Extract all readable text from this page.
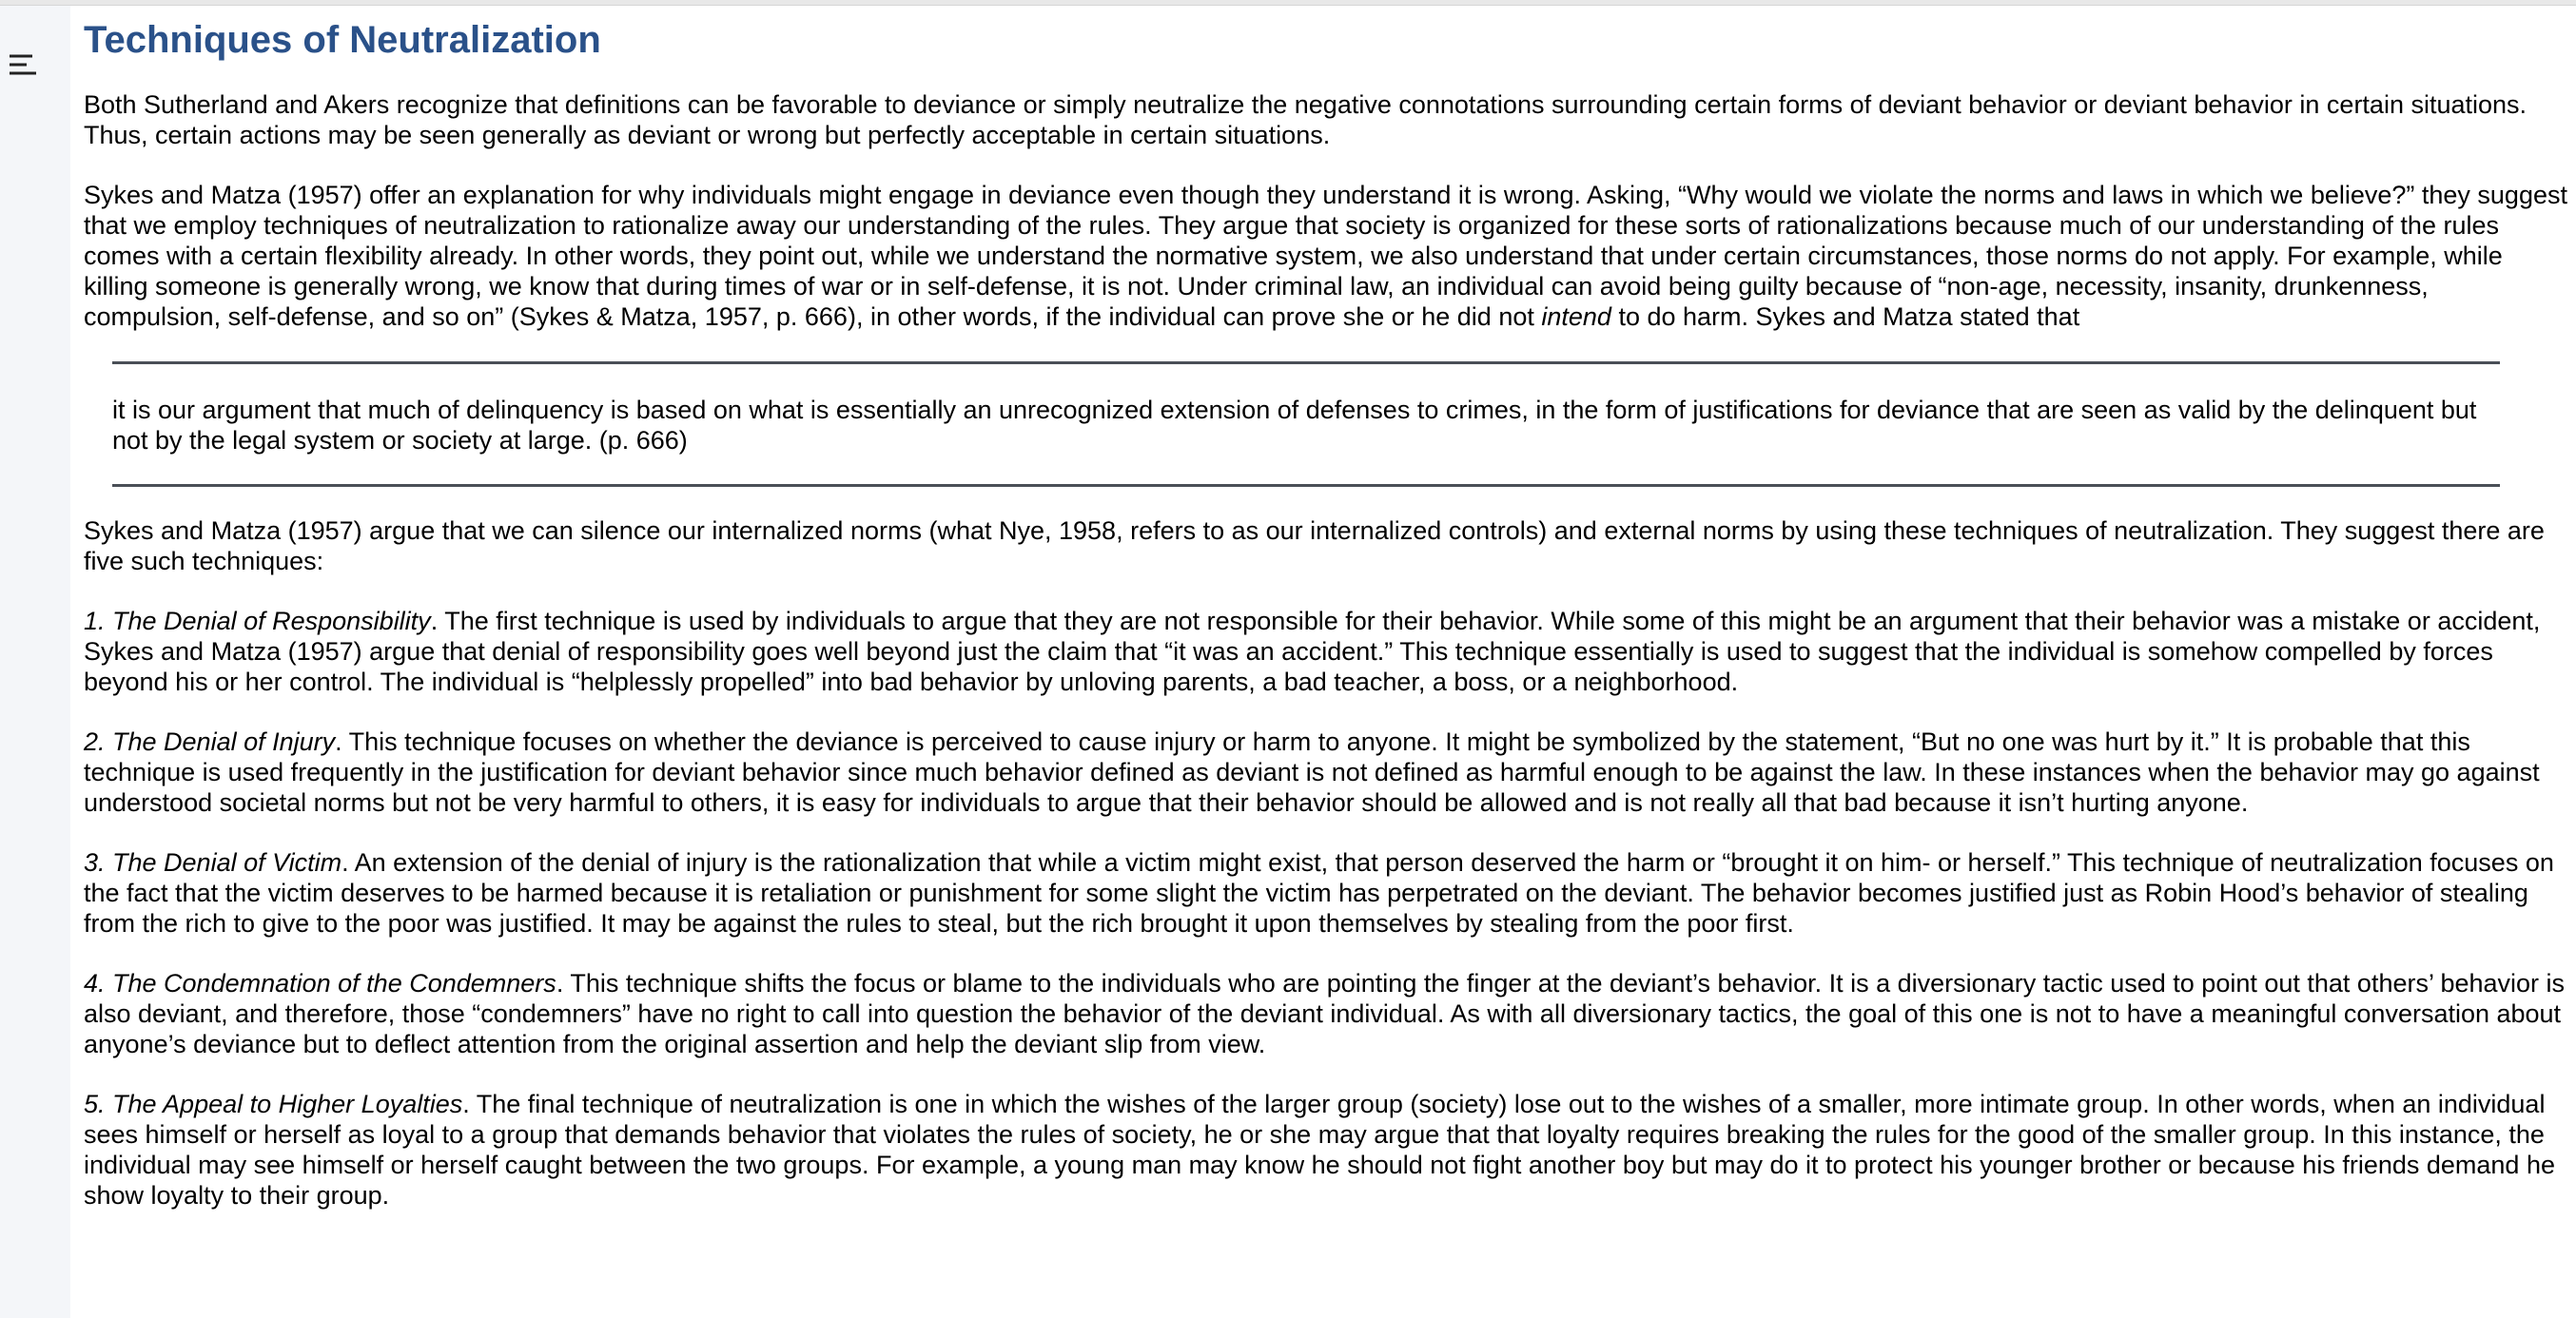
Techniques of Neutralization

Both Sutherland and Akers recognize that definitions can be favorable to deviance or simply neutralize the negative connotations surrounding certain forms of deviant behavior or deviant behavior in certain situations. Thus, certain actions may be seen generally as deviant or wrong but perfectly acceptable in certain situations.

Sykes and Matza (1957) offer an explanation for why individuals might engage in deviance even though they understand it is wrong. Asking, “Why would we violate the norms and laws in which we believe?” they suggest that we employ techniques of neutralization to rationalize away our understanding of the rules. They argue that society is organized for these sorts of rationalizations because much of our understanding of the rules comes with a certain flexibility already. In other words, they point out, while we understand the normative system, we also understand that under certain circumstances, those norms do not apply. For example, while killing someone is generally wrong, we know that during times of war or in self-defense, it is not. Under criminal law, an individual can avoid being guilty because of “non-age, necessity, insanity, drunkenness, compulsion, self-defense, and so on” (Sykes & Matza, 1957, p. 666), in other words, if the individual can prove she or he did not intend to do harm. Sykes and Matza stated that

it is our argument that much of delinquency is based on what is essentially an unrecognized extension of defenses to crimes, in the form of justifications for deviance that are seen as valid by the delinquent but not by the legal system or society at large. (p. 666)

Sykes and Matza (1957) argue that we can silence our internalized norms (what Nye, 1958, refers to as our internalized controls) and external norms by using these techniques of neutralization. They suggest there are five such techniques:

1. The Denial of Responsibility. The first technique is used by individuals to argue that they are not responsible for their behavior. While some of this might be an argument that their behavior was a mistake or accident, Sykes and Matza (1957) argue that denial of responsibility goes well beyond just the claim that “it was an accident.” This technique essentially is used to suggest that the individual is somehow compelled by forces beyond his or her control. The individual is “helplessly propelled” into bad behavior by unloving parents, a bad teacher, a boss, or a neighborhood.

2. The Denial of Injury. This technique focuses on whether the deviance is perceived to cause injury or harm to anyone. It might be symbolized by the statement, “But no one was hurt by it.” It is probable that this technique is used frequently in the justification for deviant behavior since much behavior defined as deviant is not defined as harmful enough to be against the law. In these instances when the behavior may go against understood societal norms but not be very harmful to others, it is easy for individuals to argue that their behavior should be allowed and is not really all that bad because it isn’t hurting anyone.

3. The Denial of Victim. An extension of the denial of injury is the rationalization that while a victim might exist, that person deserved the harm or “brought it on him- or herself.” This technique of neutralization focuses on the fact that the victim deserves to be harmed because it is retaliation or punishment for some slight the victim has perpetrated on the deviant. The behavior becomes justified just as Robin Hood’s behavior of stealing from the rich to give to the poor was justified. It may be against the rules to steal, but the rich brought it upon themselves by stealing from the poor first.

4. The Condemnation of the Condemners. This technique shifts the focus or blame to the individuals who are pointing the finger at the deviant’s behavior. It is a diversionary tactic used to point out that others’ behavior is also deviant, and therefore, those “condemners” have no right to call into question the behavior of the deviant individual. As with all diversionary tactics, the goal of this one is not to have a meaningful conversation about anyone’s deviance but to deflect attention from the original assertion and help the deviant slip from view.

5. The Appeal to Higher Loyalties. The final technique of neutralization is one in which the wishes of the larger group (society) lose out to the wishes of a smaller, more intimate group. In other words, when an individual sees himself or herself as loyal to a group that demands behavior that violates the rules of society, he or she may argue that that loyalty requires breaking the rules for the good of the smaller group. In this instance, the individual may see himself or herself caught between the two groups. For example, a young man may know he should not fight another boy but may do it to protect his younger brother or because his friends demand he show loyalty to their group.
